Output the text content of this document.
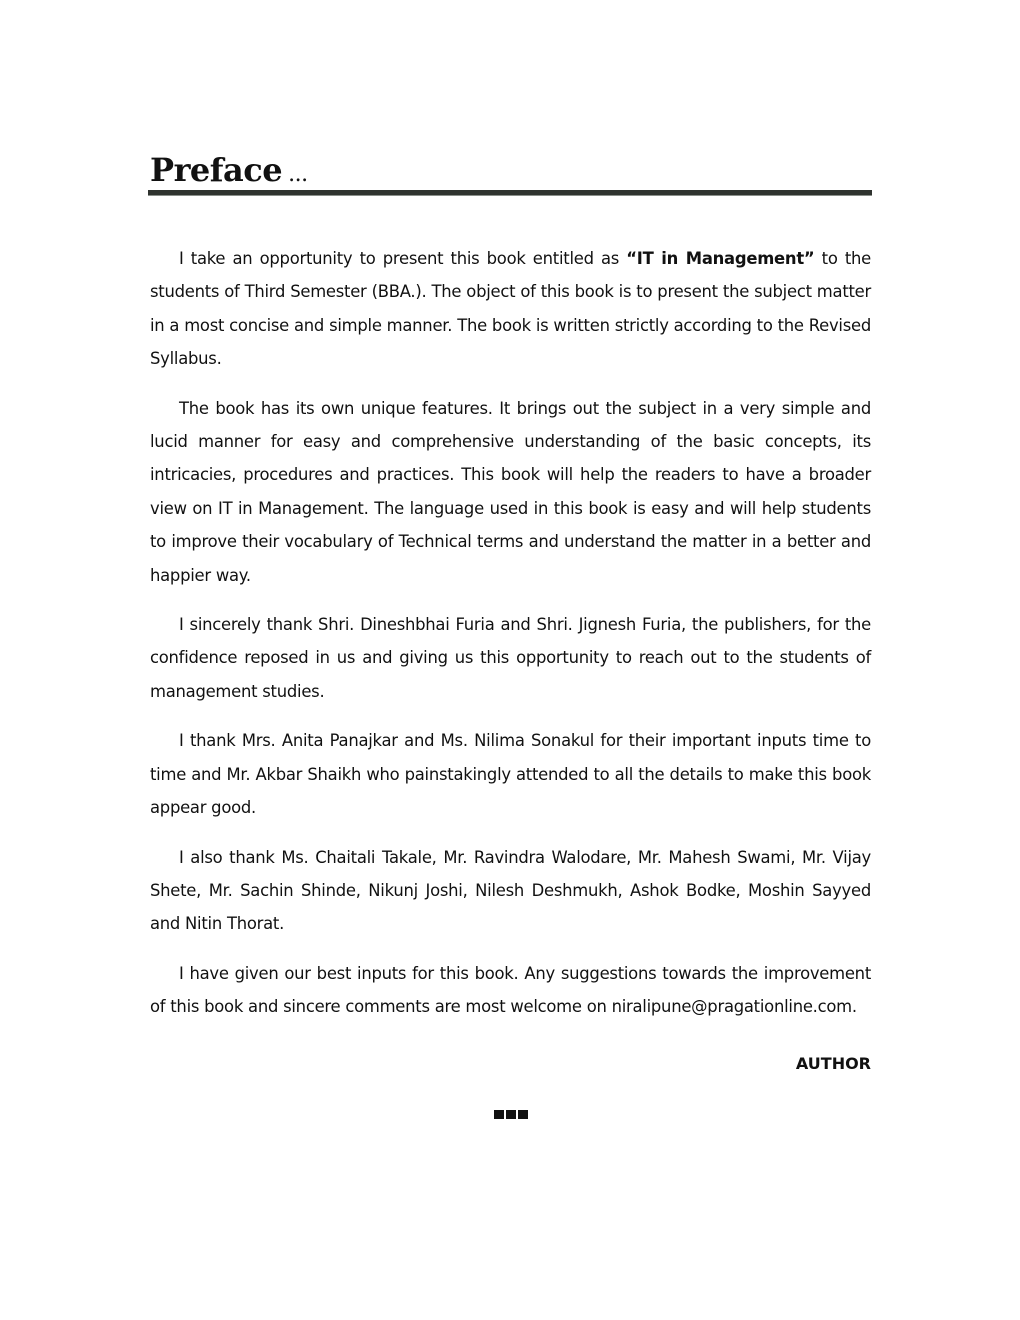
Preface ...

I take an opportunity to present this book entitled as “IT in Management” to the students of Third Semester (BBA.). The object of this book is to present the subject matter in a most concise and simple manner. The book is written strictly according to the Revised Syllabus.

The book has its own unique features. It brings out the subject in a very simple and lucid manner for easy and comprehensive understanding of the basic concepts, its intricacies, procedures and practices. This book will help the readers to have a broader view on IT in Management. The language used in this book is easy and will help students to improve their vocabulary of Technical terms and understand the matter in a better and happier way.

I sincerely thank Shri. Dineshbhai Furia and Shri. Jignesh Furia, the publishers, for the confidence reposed in us and giving us this opportunity to reach out to the students of management studies.

I thank Mrs. Anita Panajkar and Ms. Nilima Sonakul for their important inputs time to time and Mr. Akbar Shaikh who painstakingly attended to all the details to make this book appear good.

I also thank Ms. Chaitali Takale, Mr. Ravindra Walodare, Mr. Mahesh Swami, Mr. Vijay Shete, Mr. Sachin Shinde, Nikunj Joshi, Nilesh Deshmukh, Ashok Bodke, Moshin Sayyed and Nitin Thorat.

I have given our best inputs for this book. Any suggestions towards the improvement of this book and sincere comments are most welcome on niralipune@pragationline.com.

AUTHOR
